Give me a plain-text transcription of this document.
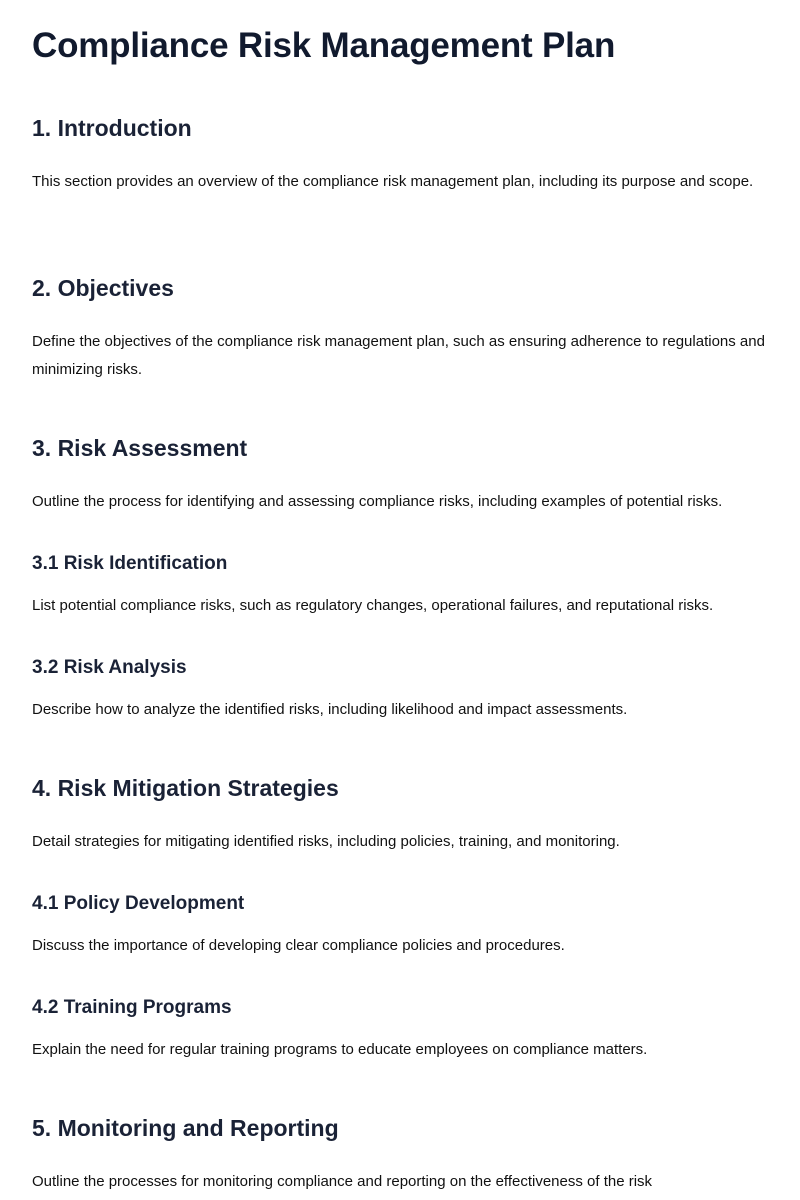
Compliance Risk Management Plan
1. Introduction

This section provides an overview of the compliance risk management plan, including its purpose and scope.

2. Objectives

Define the objectives of the compliance risk management plan, such as ensuring adherence to regulations and minimizing risks.

3. Risk Assessment

Outline the process for identifying and assessing compliance risks, including examples of potential risks.

3.1 Risk Identification

List potential compliance risks, such as regulatory changes, operational failures, and reputational risks.

3.2 Risk Analysis

Describe how to analyze the identified risks, including likelihood and impact assessments.

4. Risk Mitigation Strategies

Detail strategies for mitigating identified risks, including policies, training, and monitoring.

4.1 Policy Development

Discuss the importance of developing clear compliance policies and procedures.

4.2 Training Programs

Explain the need for regular training programs to educate employees on compliance matters.

5. Monitoring and Reporting

Outline the processes for monitoring compliance and reporting on the effectiveness of the risk
